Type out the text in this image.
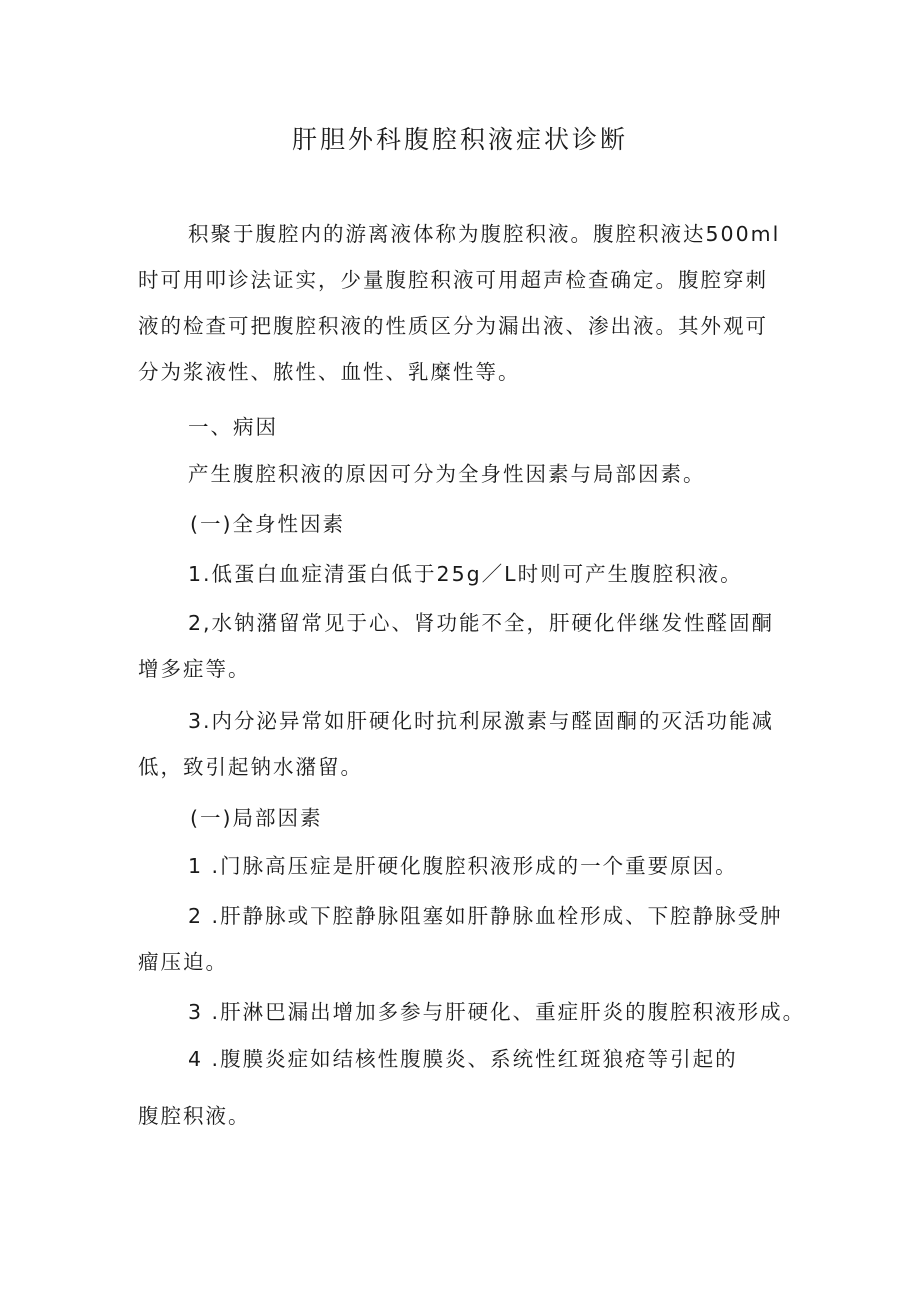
肝胆外科腹腔积液症状诊断
积聚于腹腔内的游离液体称为腹腔积液。腹腔积液达500ml
时可用叩诊法证实，少量腹腔积液可用超声检查确定。腹腔穿刺
液的检查可把腹腔积液的性质区分为漏出液、渗出液。其外观可
分为浆液性、脓性、血性、乳糜性等。
一、病因
产生腹腔积液的原因可分为全身性因素与局部因素。
(一)全身性因素
1.低蛋白血症清蛋白低于25g／L时则可产生腹腔积液。
2,水钠潴留常见于心、肾功能不全，肝硬化伴继发性醛固酮
增多症等。
3.内分泌异常如肝硬化时抗利尿激素与醛固酮的灭活功能减
低，致引起钠水潴留。
(一)局部因素
1 .门脉高压症是肝硬化腹腔积液形成的一个重要原因。
2 .肝静脉或下腔静脉阻塞如肝静脉血栓形成、下腔静脉受肿
瘤压迫。
3 .肝淋巴漏出增加多参与肝硬化、重症肝炎的腹腔积液形成。
4 .腹膜炎症如结核性腹膜炎、系统性红斑狼疮等引起的
腹腔积液。
